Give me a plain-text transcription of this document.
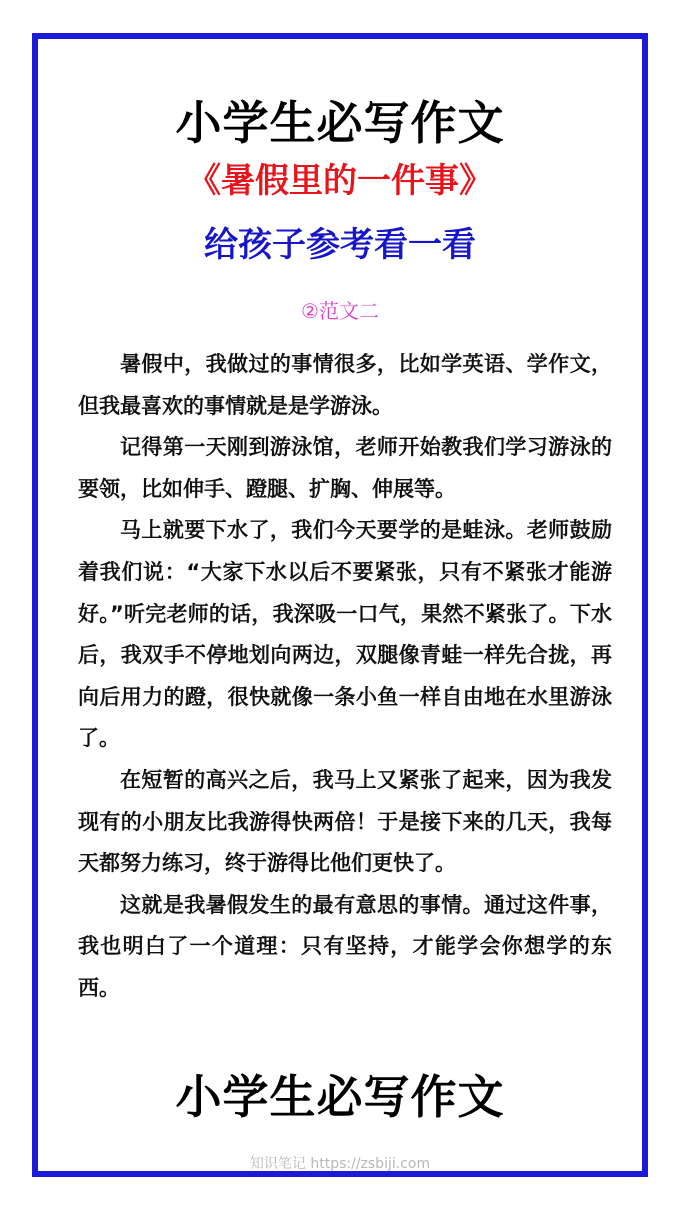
小学生必写作文
《暑假里的一件事》
给孩子参考看一看
②范文二

暑假中，我做过的事情很多，比如学英语、学作文，但我最喜欢的事情就是是学游泳。

记得第一天刚到游泳馆，老师开始教我们学习游泳的要领，比如伸手、蹬腿、扩胸、伸展等。

马上就要下水了，我们今天要学的是蛙泳。老师鼓励着我们说：“大家下水以后不要紧张，只有不紧张才能游好。”听完老师的话，我深吸一口气，果然不紧张了。下水后，我双手不停地划向两边，双腿像青蛙一样先合拢，再向后用力的蹬，很快就像一条小鱼一样自由地在水里游泳了。

在短暂的高兴之后，我马上又紧张了起来，因为我发现有的小朋友比我游得快两倍！于是接下来的几天，我每天都努力练习，终于游得比他们更快了。

这就是我暑假发生的最有意思的事情。通过这件事，我也明白了一个道理：只有坚持，才能学会你想学的东西。

小学生必写作文
知识笔记 https://zsbiji.com
